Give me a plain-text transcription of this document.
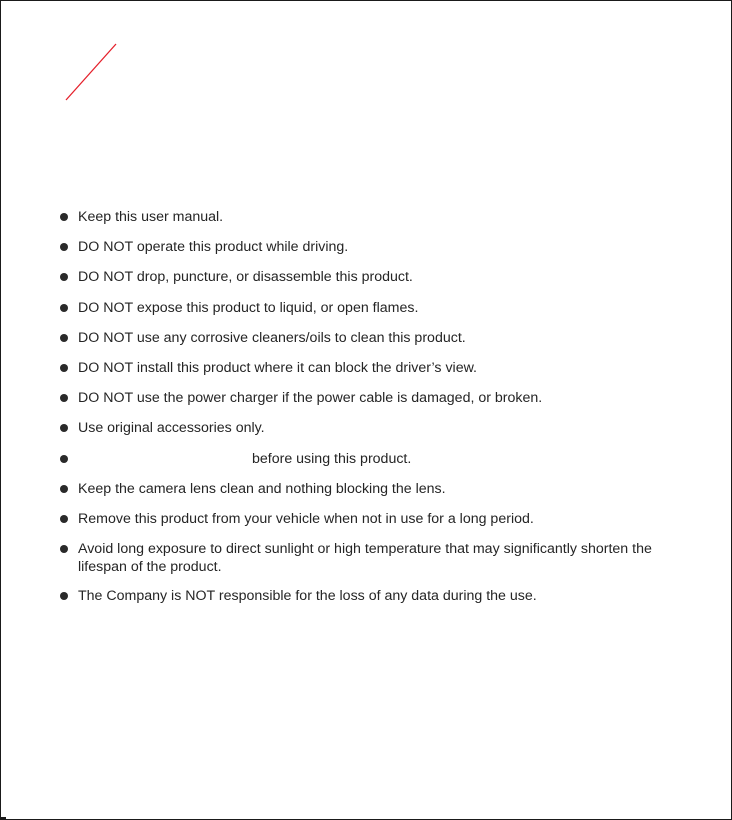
Keep this user manual.
DO NOT operate this product while driving.
DO NOT drop, puncture, or disassemble this product.
DO NOT expose this product to liquid, or open flames.
DO NOT use any corrosive cleaners/oils to clean this product.
DO NOT install this product where it can block the driver’s view.
DO NOT use the power charger if the power cable is damaged, or broken.
Use original accessories only.
before using this product.
Keep the camera lens clean and nothing blocking the lens.
Remove this product from your vehicle when not in use for a long period.
Avoid long exposure to direct sunlight or high temperature that may significantly shorten the lifespan of the product.
The Company is NOT responsible for the loss of any data during the use.
